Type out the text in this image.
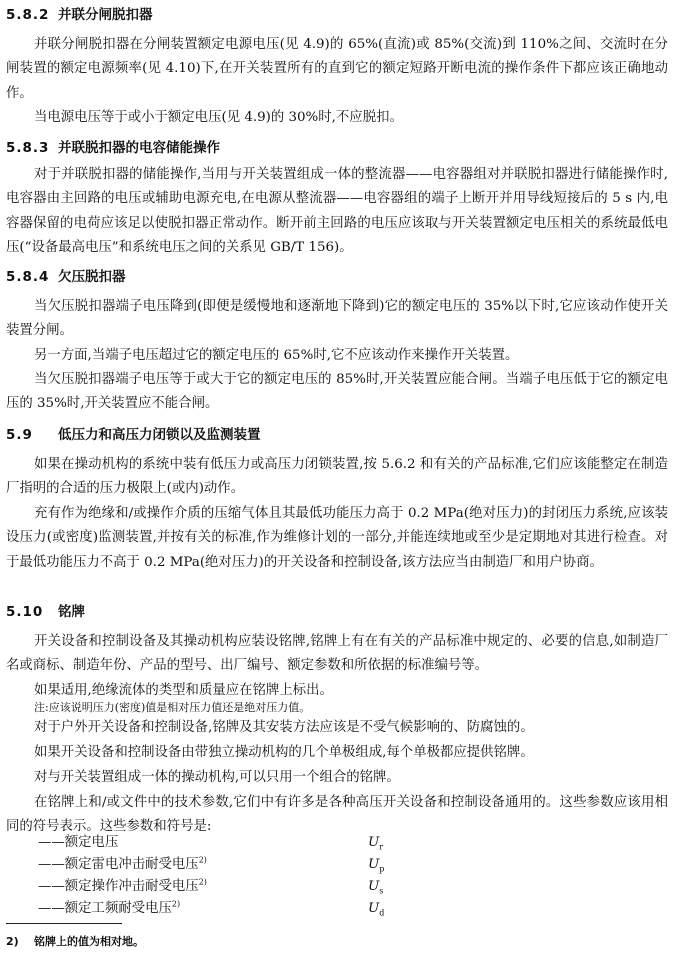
5.8.2 并联分闸脱扣器
并联分闸脱扣器在分闸装置额定电源电压(见 4.9)的 65%(直流)或 85%(交流)到 110%之间、交流时在分闸装置的额定电源频率(见 4.10)下,在开关装置所有的直到它的额定短路开断电流的操作条件下都应该正确地动作。
当电源电压等于或小于额定电压(见 4.9)的 30%时,不应脱扣。
5.8.3 并联脱扣器的电容储能操作
对于并联脱扣器的储能操作,当用与开关装置组成一体的整流器——电容器组对并联脱扣器进行储能操作时,电容器由主回路的电压或辅助电源充电,在电源从整流器——电容器组的端子上断开并用导线短接后的 5 s 内,电容器保留的电荷应该足以使脱扣器正常动作。断开前主回路的电压应该取与开关装置额定电压相关的系统最低电压(“设备最高电压”和系统电压之间的关系见 GB/T 156)。
5.8.4 欠压脱扣器
当欠压脱扣器端子电压降到(即便是缓慢地和逐渐地下降到)它的额定电压的 35%以下时,它应该动作使开关装置分闸。
另一方面,当端子电压超过它的额定电压的 65%时,它不应该动作来操作开关装置。
当欠压脱扣器端子电压等于或大于它的额定电压的 85%时,开关装置应能合闸。当端子电压低于它的额定电压的 35%时,开关装置应不能合闸。
5.9 低压力和高压力闭锁以及监测装置
如果在操动机构的系统中装有低压力或高压力闭锁装置,按 5.6.2 和有关的产品标准,它们应该能整定在制造厂指明的合适的压力极限上(或内)动作。
充有作为绝缘和/或操作介质的压缩气体且其最低功能压力高于 0.2 MPa(绝对压力)的封闭压力系统,应该装设压力(或密度)监测装置,并按有关的标准,作为维修计划的一部分,并能连续地或至少是定期地对其进行检查。对于最低功能压力不高于 0.2 MPa(绝对压力)的开关设备和控制设备,该方法应当由制造厂和用户协商。
5.10 铭牌
开关设备和控制设备及其操动机构应装设铭牌,铭牌上有在有关的产品标准中规定的、必要的信息,如制造厂名或商标、制造年份、产品的型号、出厂编号、额定参数和所依据的标准编号等。
如果适用,绝缘流体的类型和质量应在铭牌上标出。
注:应该说明压力(密度)值是相对压力值还是绝对压力值。
对于户外开关设备和控制设备,铭牌及其安装方法应该是不受气候影响的、防腐蚀的。
如果开关设备和控制设备由带独立操动机构的几个单极组成,每个单极都应提供铭牌。
对与开关装置组成一体的操动机构,可以只用一个组合的铭牌。
在铭牌上和/或文件中的技术参数,它们中有许多是各种高压开关设备和控制设备通用的。这些参数应该用相同的符号表示。这些参数和符号是:
——额定电压	$U_r$
——额定雷电冲击耐受电压$^{2)}$	$U_p$
——额定操作冲击耐受电压$^{2)}$	$U_s$
——额定工频耐受电压$^{2)}$	$U_d$
2) 铭牌上的值为相对地。
